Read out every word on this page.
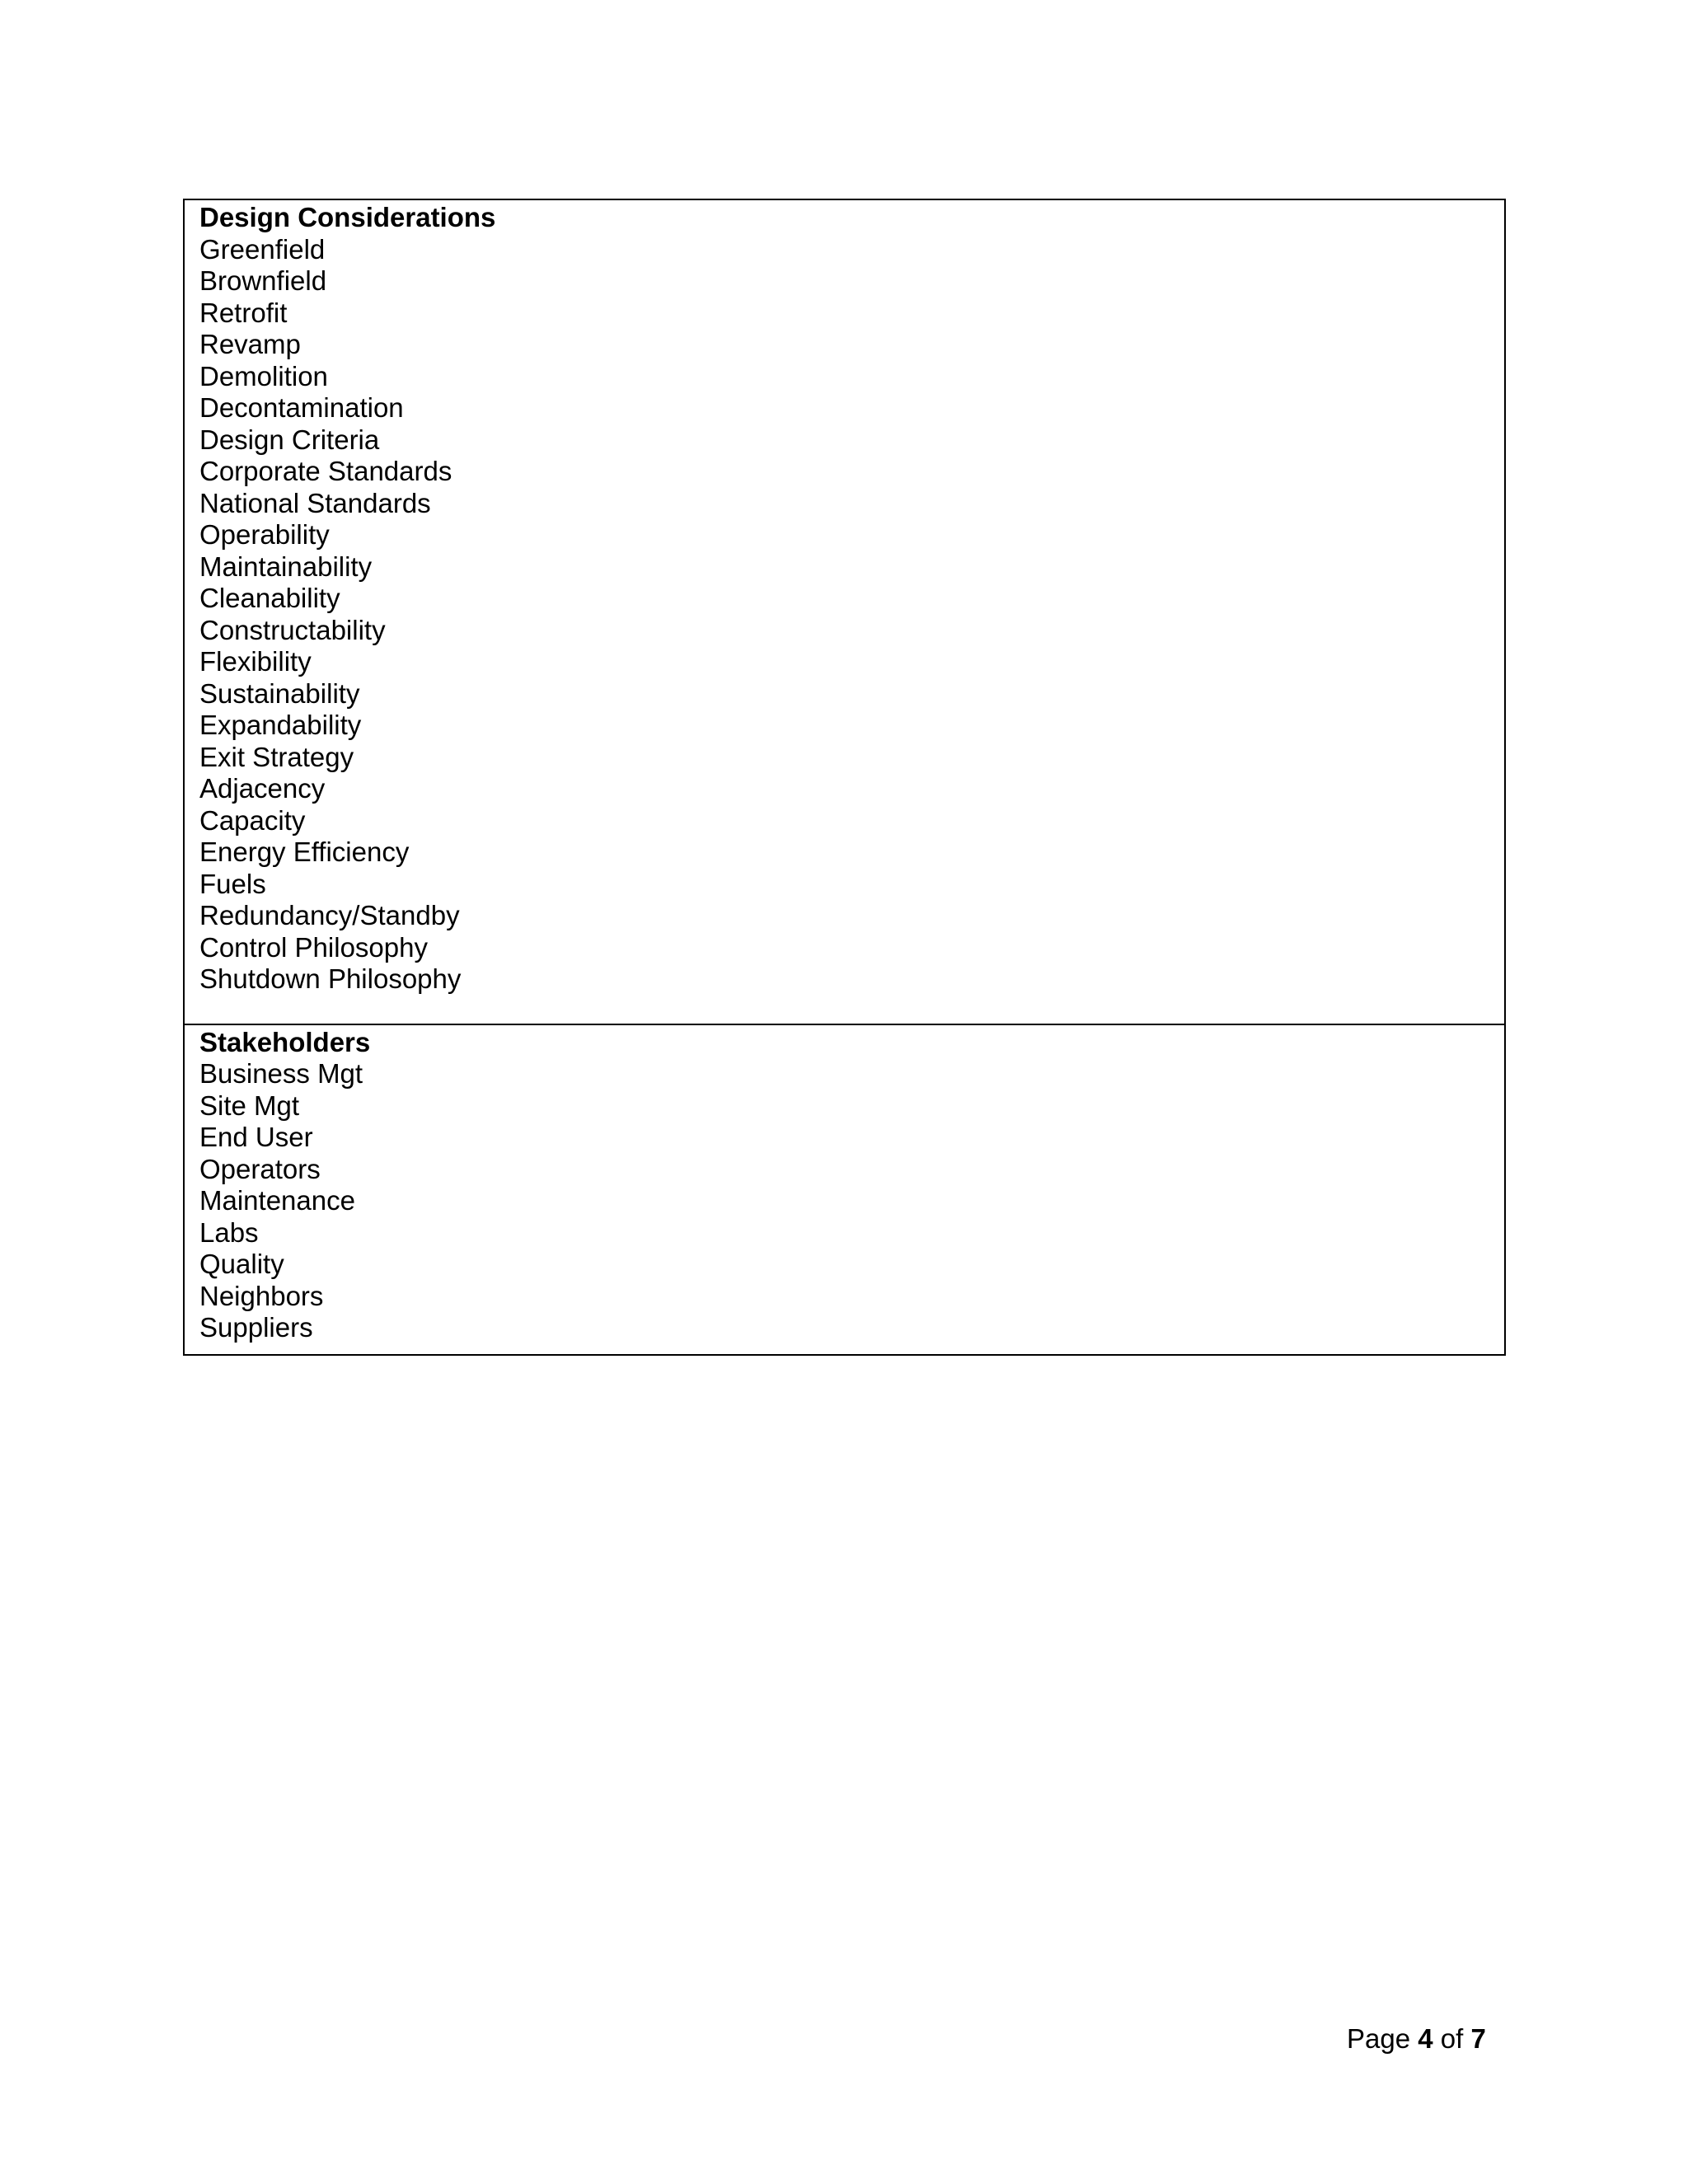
Design Considerations
Greenfield
Brownfield
Retrofit
Revamp
Demolition
Decontamination
Design Criteria
Corporate Standards
National Standards
Operability
Maintainability
Cleanability
Constructability
Flexibility
Sustainability
Expandability
Exit Strategy
Adjacency
Capacity
Energy Efficiency
Fuels
Redundancy/Standby
Control Philosophy
Shutdown Philosophy

Stakeholders
Business Mgt
Site Mgt
End User
Operators
Maintenance
Labs
Quality
Neighbors
Suppliers
Page 4 of 7
